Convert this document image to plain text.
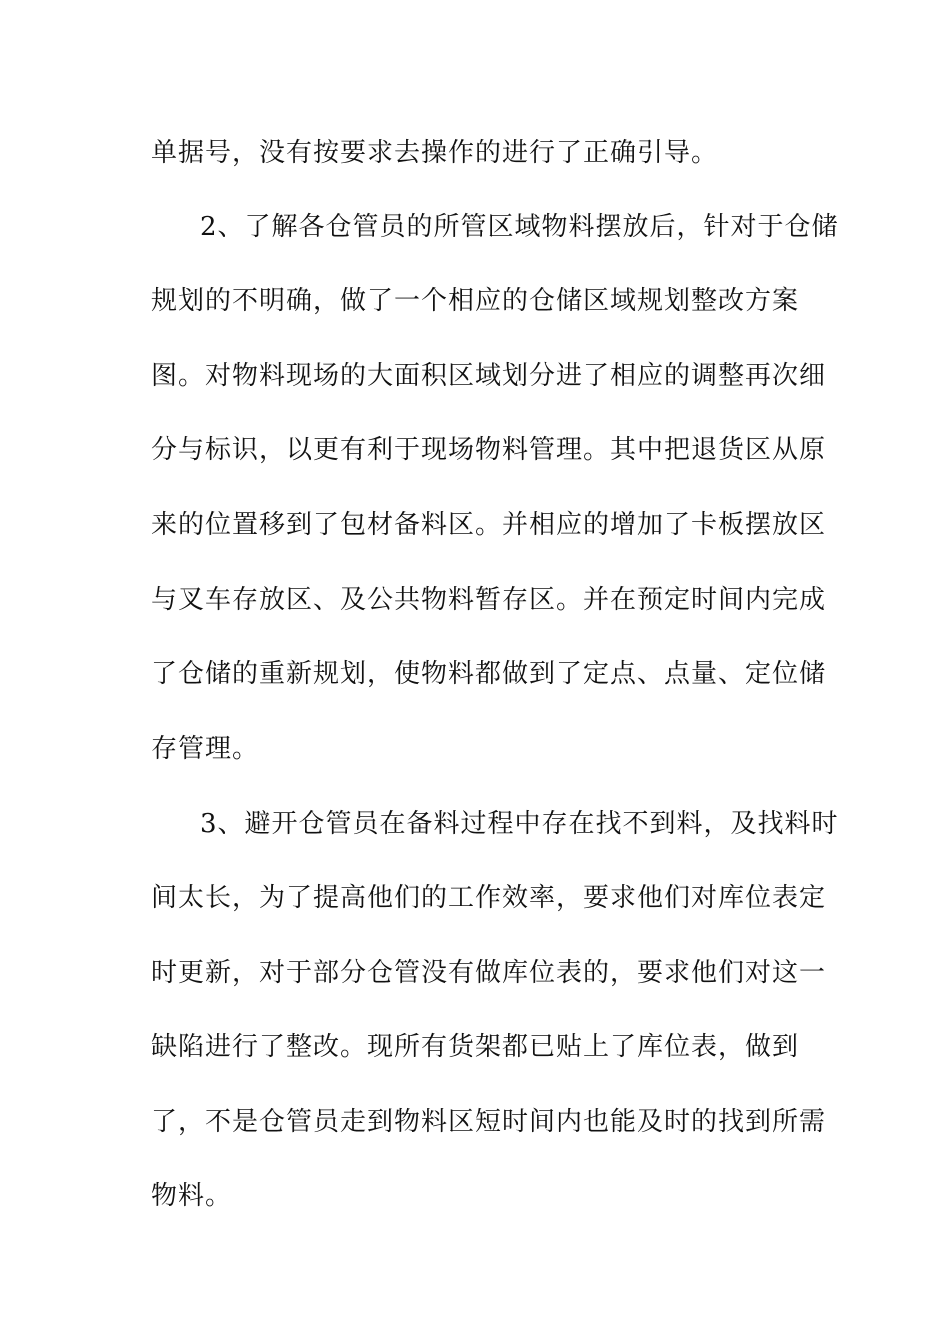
单据号，没有按要求去操作的进行了正确引导。

2、了解各仓管员的所管区域物料摆放后，针对于仓储

规划的不明确，做了一个相应的仓储区域规划整改方案

图。对物料现场的大面积区域划分进了相应的调整再次细

分与标识，以更有利于现场物料管理。其中把退货区从原

来的位置移到了包材备料区。并相应的增加了卡板摆放区

与叉车存放区、及公共物料暂存区。并在预定时间内完成

了仓储的重新规划，使物料都做到了定点、点量、定位储

存管理。

3、避开仓管员在备料过程中存在找不到料，及找料时

间太长，为了提高他们的工作效率，要求他们对库位表定

时更新，对于部分仓管没有做库位表的，要求他们对这一

缺陷进行了整改。现所有货架都已贴上了库位表，做到

了，不是仓管员走到物料区短时间内也能及时的找到所需

物料。
